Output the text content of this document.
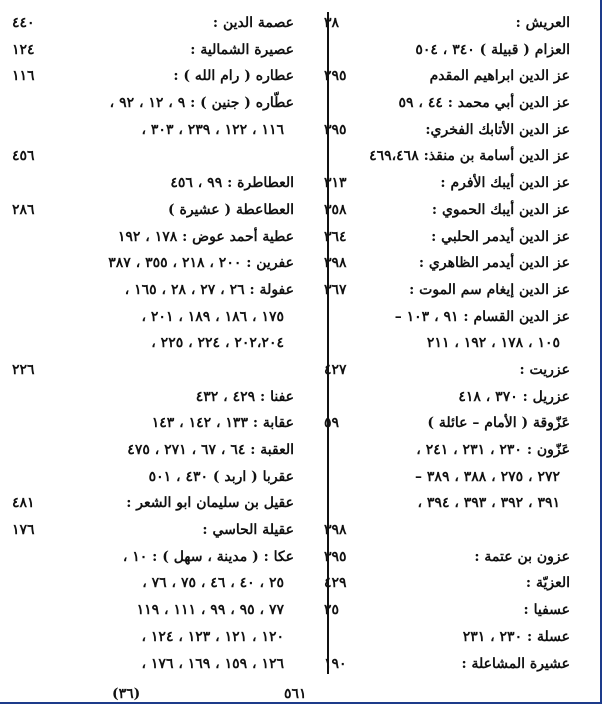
العريش :
٣٨
العزام ( قبيلة ) ٣٤٠ ، ٥٠٤
عز الدين ابراهيم المقدم
٢٩٥
عز الدين أبي محمد : ٤٤ ، ٥٩
عز الدين الأتابك الفخري:
٣٩٥
عز الدين أسامة بن منقذ: ٤٦٩،٤٦٨
عز الدين أيبك الأفرم :
٣١٣
عز الدين أيبك الحموي :
٣٥٨
عز الدين أيدمر الحلبي :
٣٦٤
عز الدين أيدمر الظاهري :
٣٩٨
عز الدين إيغام سم الموت :
٣٦٧
عز الدين القسام : ٩١ ، ١٠٣ –
١٠٥ ، ١٧٨ ، ١٩٢ ، ٢١١
عزريت :
٤٢٧
عزريل : ٣٧٠ ، ٤١٨
عَزّوقة ( الأمام – عائلة )
٥٩
عَزّون : ٢٣٠ ، ٢٣١ ، ٢٤١ ،
٢٧٢ ، ٢٧٥ ، ٣٨٨ ، ٣٨٩ –
٣٩١ ، ٣٩٢ ، ٣٩٣ ، ٣٩٤ ،
٣٩٨
عزون بن عتمة :
٣٩٥
العزيّة :
٤٢٩
عسفيا :
٢٥
عسلة : ٢٣٠ ، ٢٣١
عشيرة المشاعلة :
١٩٠
عصمة الدين :
٤٤٠
عصيرة الشمالية :
١٢٤
عطاره ( رام الله ) :
١١٦
عطّاره ( جنين ) : ٩ ، ١٢ ، ٩٢ ،
١١٦ ، ١٢٢ ، ٢٣٩ ، ٣٠٣ ،
٤٥٦
العطاطرة : ٩٩ ، ٤٥٦
العطاعطة ( عشيرة )
٢٨٦
عطية أحمد عوض : ١٧٨ ، ١٩٢
عفرين : ٢٠٠ ، ٢١٨ ، ٣٥٥ ، ٣٨٧
عفولة : ٢٦ ، ٢٧ ، ٢٨ ، ١٦٥ ،
١٧٥ ، ١٨٦ ، ١٨٩ ، ٢٠١ ،
٢٠٢،٢٠٤ ، ٢٢٤ ، ٢٢٥ ،
٢٢٦
عفنا : ٤٢٩ ، ٤٣٢
عقابة : ١٣٣ ، ١٤٢ ، ١٤٣
العقبة : ٦٤ ، ٦٧ ، ٢٧١ ، ٤٧٥
عقربا ( اربد ) ٤٣٠ ، ٥٠١
عقيل بن سليمان ابو الشعر :
٤٨١
عقيلة الحاسي :
١٧٦
عكا : ( مدينة ، سهل ) : ١٠ ،
٢٥ ، ٤٠ ، ٤٦ ، ٧٥ ، ٧٦ ،
٧٧ ، ٩٥ ، ٩٩ ، ١١١ ، ١١٩
١٢٠ ، ١٢١ ، ١٢٣ ، ١٢٤ ،
١٢٦ ، ١٥٩ ، ١٦٩ ، ١٧٦ ،
٥٦١
(٣٦)
